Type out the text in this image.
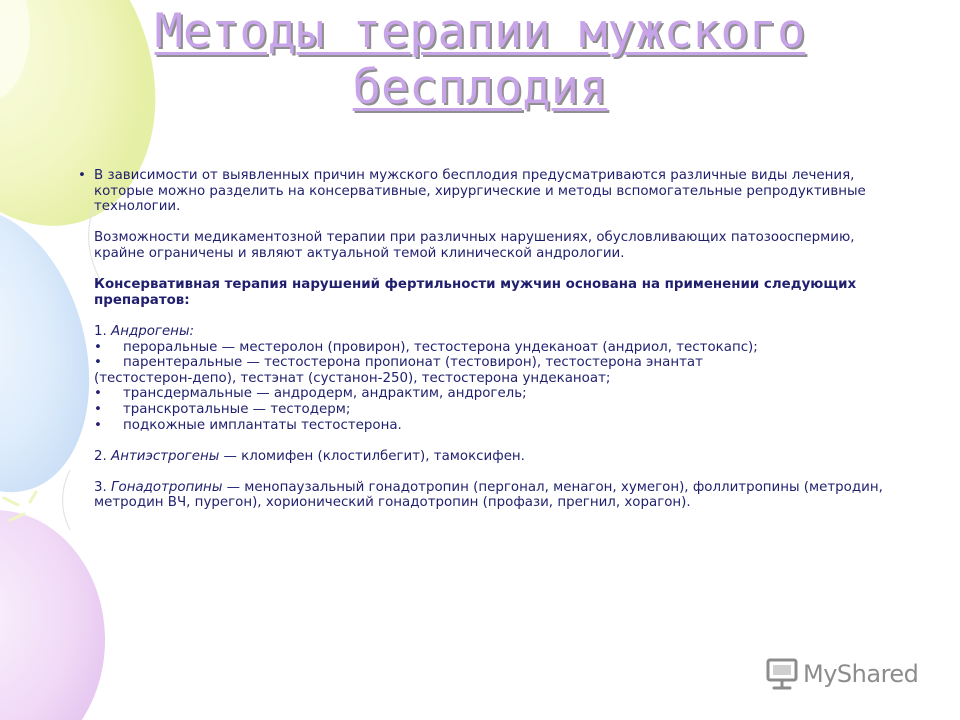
Методы терапии мужского бесплодия
• В зависимости от выявленных причин мужского бесплодия предусматриваются различные виды лечения, которые можно разделить на консервативные, хирургические и методы вспомогательные репродуктивные технологии.

Возможности медикаментозной терапии при различных нарушениях, обусловливающих патозооспермию, крайне ограничены и являют актуальной темой клинической андрологии.

Консервативная терапия нарушений фертильности мужчин основана на применении следующих препаратов:

1. Андрогены:

•	пероральные — местеролон (провирон), тестостерона ундеканоат (андриол, тестокапс);
•	парентеральные — тестостерона пропионат (тестовирон), тестостерона энантат

(тестостерон-депо), тестэнат (сустанон-250), тестостерона ундеканоат;

•	трансдермальные — андродерм, андрактим, андрогель;
•	транскротальные — тестодерм;
•	подкожные имплантаты тестостерона.

2. Антиэстрогены — кломифен (клостилбегит), тамоксифен.

3. Гонадотропины — менопаузальный гонадотропин (пергонал, менагон, хумегон), фоллитропины (метродин, метродин ВЧ, пурегон), хорионический гонадотропин (профази, прегнил, хорагон).

MyShared
